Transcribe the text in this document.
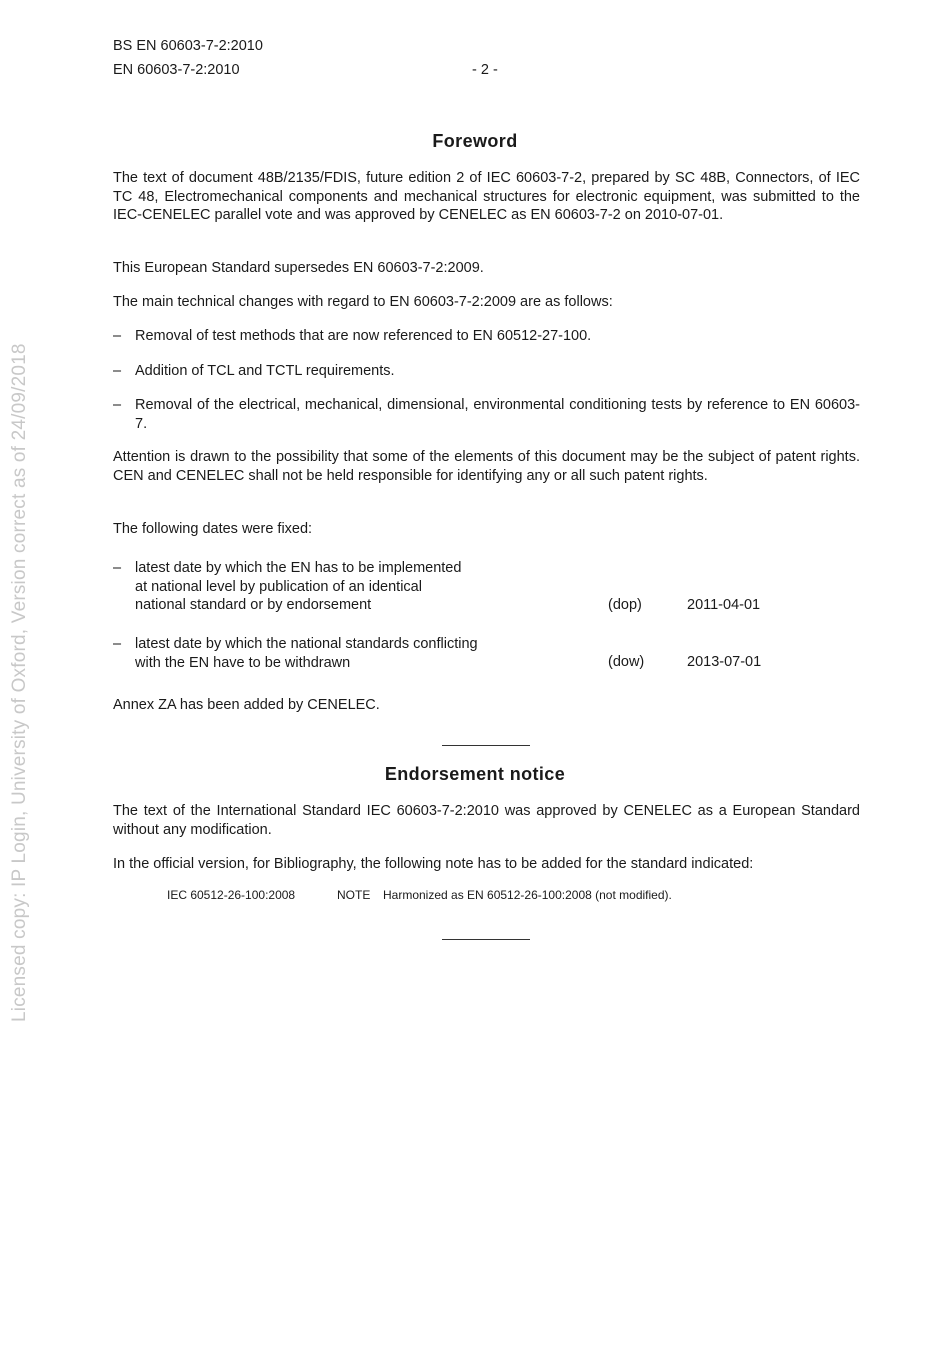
BS EN 60603-7-2:2010
EN 60603-7-2:2010	- 2 -
Foreword
The text of document 48B/2135/FDIS, future edition 2 of IEC 60603-7-2, prepared by SC 48B, Connectors, of IEC TC 48, Electromechanical components and mechanical structures for electronic equipment, was submitted to the IEC-CENELEC parallel vote and was approved by CENELEC as EN 60603-7-2 on 2010-07-01.
This European Standard supersedes EN 60603-7-2:2009.
The main technical changes with regard to EN 60603-7-2:2009 are as follows:
– Removal of test methods that are now referenced to EN 60512-27-100.
– Addition of TCL and TCTL requirements.
– Removal of the electrical, mechanical, dimensional, environmental conditioning tests by reference to EN 60603-7.
Attention is drawn to the possibility that some of the elements of this document may be the subject of patent rights. CEN and CENELEC shall not be held responsible for identifying any or all such patent rights.
The following dates were fixed:
– latest date by which the EN has to be implemented
at national level by publication of an identical
national standard or by endorsement	(dop)	2011-04-01
– latest date by which the national standards conflicting
with the EN have to be withdrawn	(dow)	2013-07-01
Annex ZA has been added by CENELEC.
Endorsement notice
The text of the International Standard IEC 60603-7-2:2010 was approved by CENELEC as a European Standard without any modification.
In the official version, for Bibliography, the following note has to be added for the standard indicated:
IEC 60512-26-100:2008	NOTE Harmonized as EN 60512-26-100:2008 (not modified).
Licensed copy: IP Login, University of Oxford, Version correct as of 24/09/2018
